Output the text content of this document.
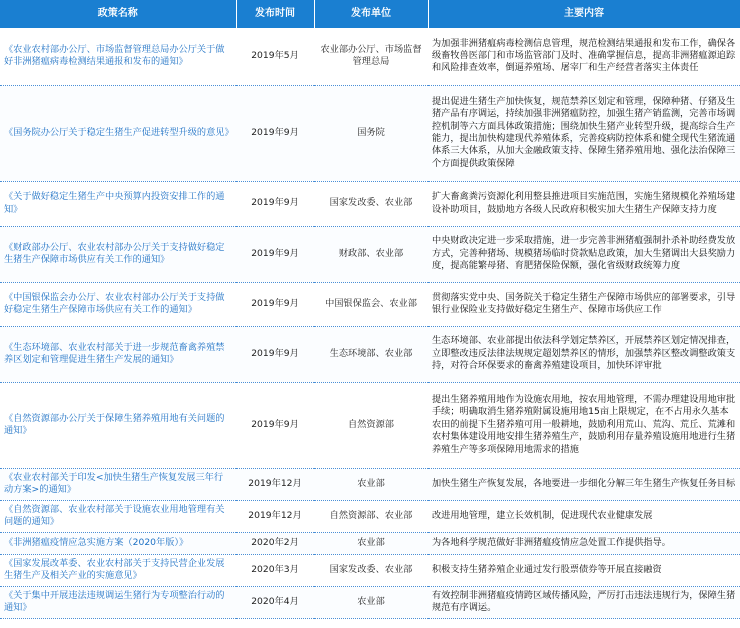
政策名称	发布时间	发布单位	主要内容
《农业农村部办公厅、市场监督管理总局办公厅关于做好非洲猪瘟病毒检测结果通报和发布的通知》	2019年5月	农业部办公厅、市场监督管理总局	为加强非洲猪瘟病毒检测信息管理，规范检测结果通报和发布工作，确保各级畜牧兽医部门和市场监管部门及时、准确掌握信息，提高非洲猪瘟源追踪和风险排查效率，倒逼养殖场、屠宰厂和生产经营者落实主体责任
《国务院办公厅关于稳定生猪生产促进转型升级的意见》	2019年9月	国务院	提出促进生猪生产加快恢复，规范禁养区划定和管理，保障种猪、仔猪及生猪产品有序调运，持续加强非洲猪瘟防控，加强生猪产销监测，完善市场调控机制等六方面具体政策措施；围绕加快生猪产业转型升级，提高综合生产能力，提出加快构建现代养殖体系，完善疫病防控体系和健全现代生猪流通体系三大体系，从加大金融政策支持、保障生猪养殖用地、强化法治保障三个方面提供政策保障
《关于做好稳定生猪生产中央预算内投资安排工作的通知》	2019年9月	国家发改委、农业部	扩大畜禽粪污资源化利用整县推进项目实施范围，实施生猪规模化养殖场建设补助项目，鼓励地方各级人民政府积极实加大生猪生产保障支持力度
《财政部办公厅、农业农村部办公厅关于支持做好稳定生猪生产保障市场供应有关工作的通知》	2019年9月	财政部、农业部	中央财政决定进一步采取措施，进一步完善非洲猪瘟强制扑杀补助经费发放方式，完善种猪场、规模猪场临时贷款贴息政策，加大生猪调出大县奖励力度，提高能繁母猪、育肥猪保险保额，强化省级财政统筹力度
《中国银保监会办公厅、农业农村部办公厅关于支持做好稳定生猪生产保障市场供应有关工作的通知》	2019年9月	中国银保监会、农业部	贯彻落实党中央、国务院关于稳定生猪生产保障市场供应的部署要求，引导银行业保险业支持做好稳定生猪生产、保障市场供应工作
《生态环境部、农业农村部关于进一步规范畜禽养殖禁养区划定和管理促进生猪生产发展的通知》	2019年9月	生态环境部、农业部	生态环境部、农业部提出依法科学划定禁养区，开展禁养区划定情况排查，立即整改违反法律法规规定超划禁养区的情形，加强禁养区整改调整政策支持，对符合环保要求的畜禽养殖建设项目，加快环评审批
《自然资源部办公厅关于保障生猪养殖用地有关问题的通知》	2019年9月	自然资源部	提出生猪养殖用地作为设施农用地，按农用地管理，不需办理建设用地审批手续；明确取消生猪养殖附属设施用地15亩上限规定，在不占用永久基本农田的前提下生猪养殖可用一般耕地，鼓励利用荒山、荒沟、荒丘、荒滩和农村集体建设用地安排生猪养殖生产，鼓励利用存量养殖设施用地进行生猪养殖生产等多项保障用地需求的措施
《农业农村部关于印发<加快生猪生产恢复发展三年行动方案>的通知》	2019年12月	农业部	加快生猪生产恢复发展，各地要进一步细化分解三年生猪生产恢复任务目标
《自然资源部、农业农村部关于设施农业用地管理有关问题的通知》	2019年12月	自然资源部、农业部	改进用地管理，建立长效机制，促进现代农业健康发展
《非洲猪瘟疫情应急实施方案（2020年版）》	2020年2月	农业部	为各地科学规范做好非洲猪瘟疫情应急处置工作提供指导。
《国家发展改革委、农业农村部关于支持民营企业发展生猪生产及相关产业的实施意见》	2020年3月	国家发改委、农业部	积极支持生猪养殖企业通过发行股票债券等开展直接融资
《关于集中开展违法违规调运生猪行为专项整治行动的通知》	2020年4月	农业部	有效控制非洲猪瘟疫情跨区域传播风险，严厉打击违法违规行为，保障生猪规范有序调运。
